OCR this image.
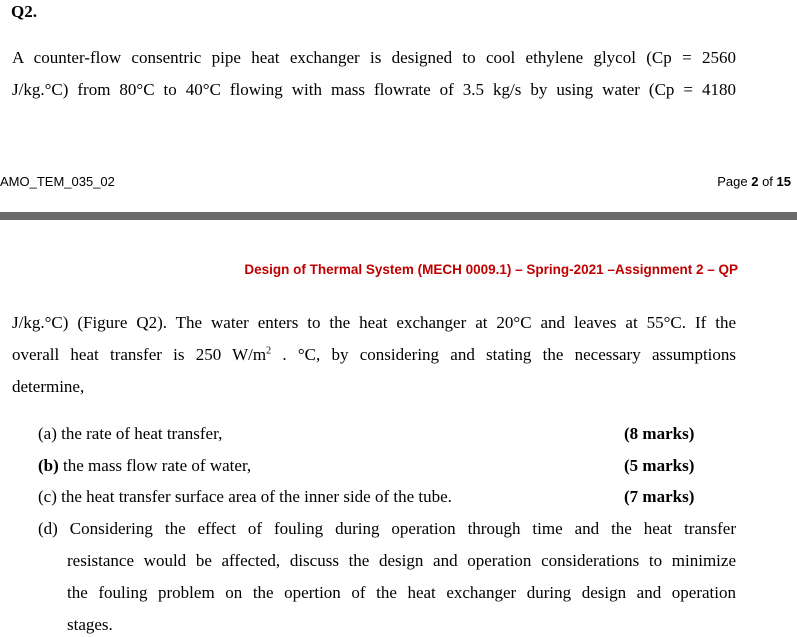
Q2.
A counter-flow consentric pipe heat exchanger is designed to cool ethylene glycol (Cp = 2560
J/kg.°C) from 80°C to 40°C flowing with mass flowrate of 3.5 kg/s by using water (Cp = 4180
AMO_TEM_035_02	Page 2 of 15
Design of Thermal System (MECH 0009.1) – Spring-2021 –Assignment 2 – QP
J/kg.°C) (Figure Q2). The water enters to the heat exchanger at 20°C and leaves at 55°C. If the
overall heat transfer is 250 $W/m^2$ . °C, by considering and stating the necessary assumptions
determine,
(a) the rate of heat transfer,	(8 marks)
(b) the mass flow rate of water,	(5 marks)
(c) the heat transfer surface area of the inner side of the tube.	(7 marks)
(d) Considering the effect of fouling during operation through time and the heat transfer
resistance would be affected, discuss the design and operation considerations to minimize
the fouling problem on the opertion of the heat exchanger during design and operation
stages.
